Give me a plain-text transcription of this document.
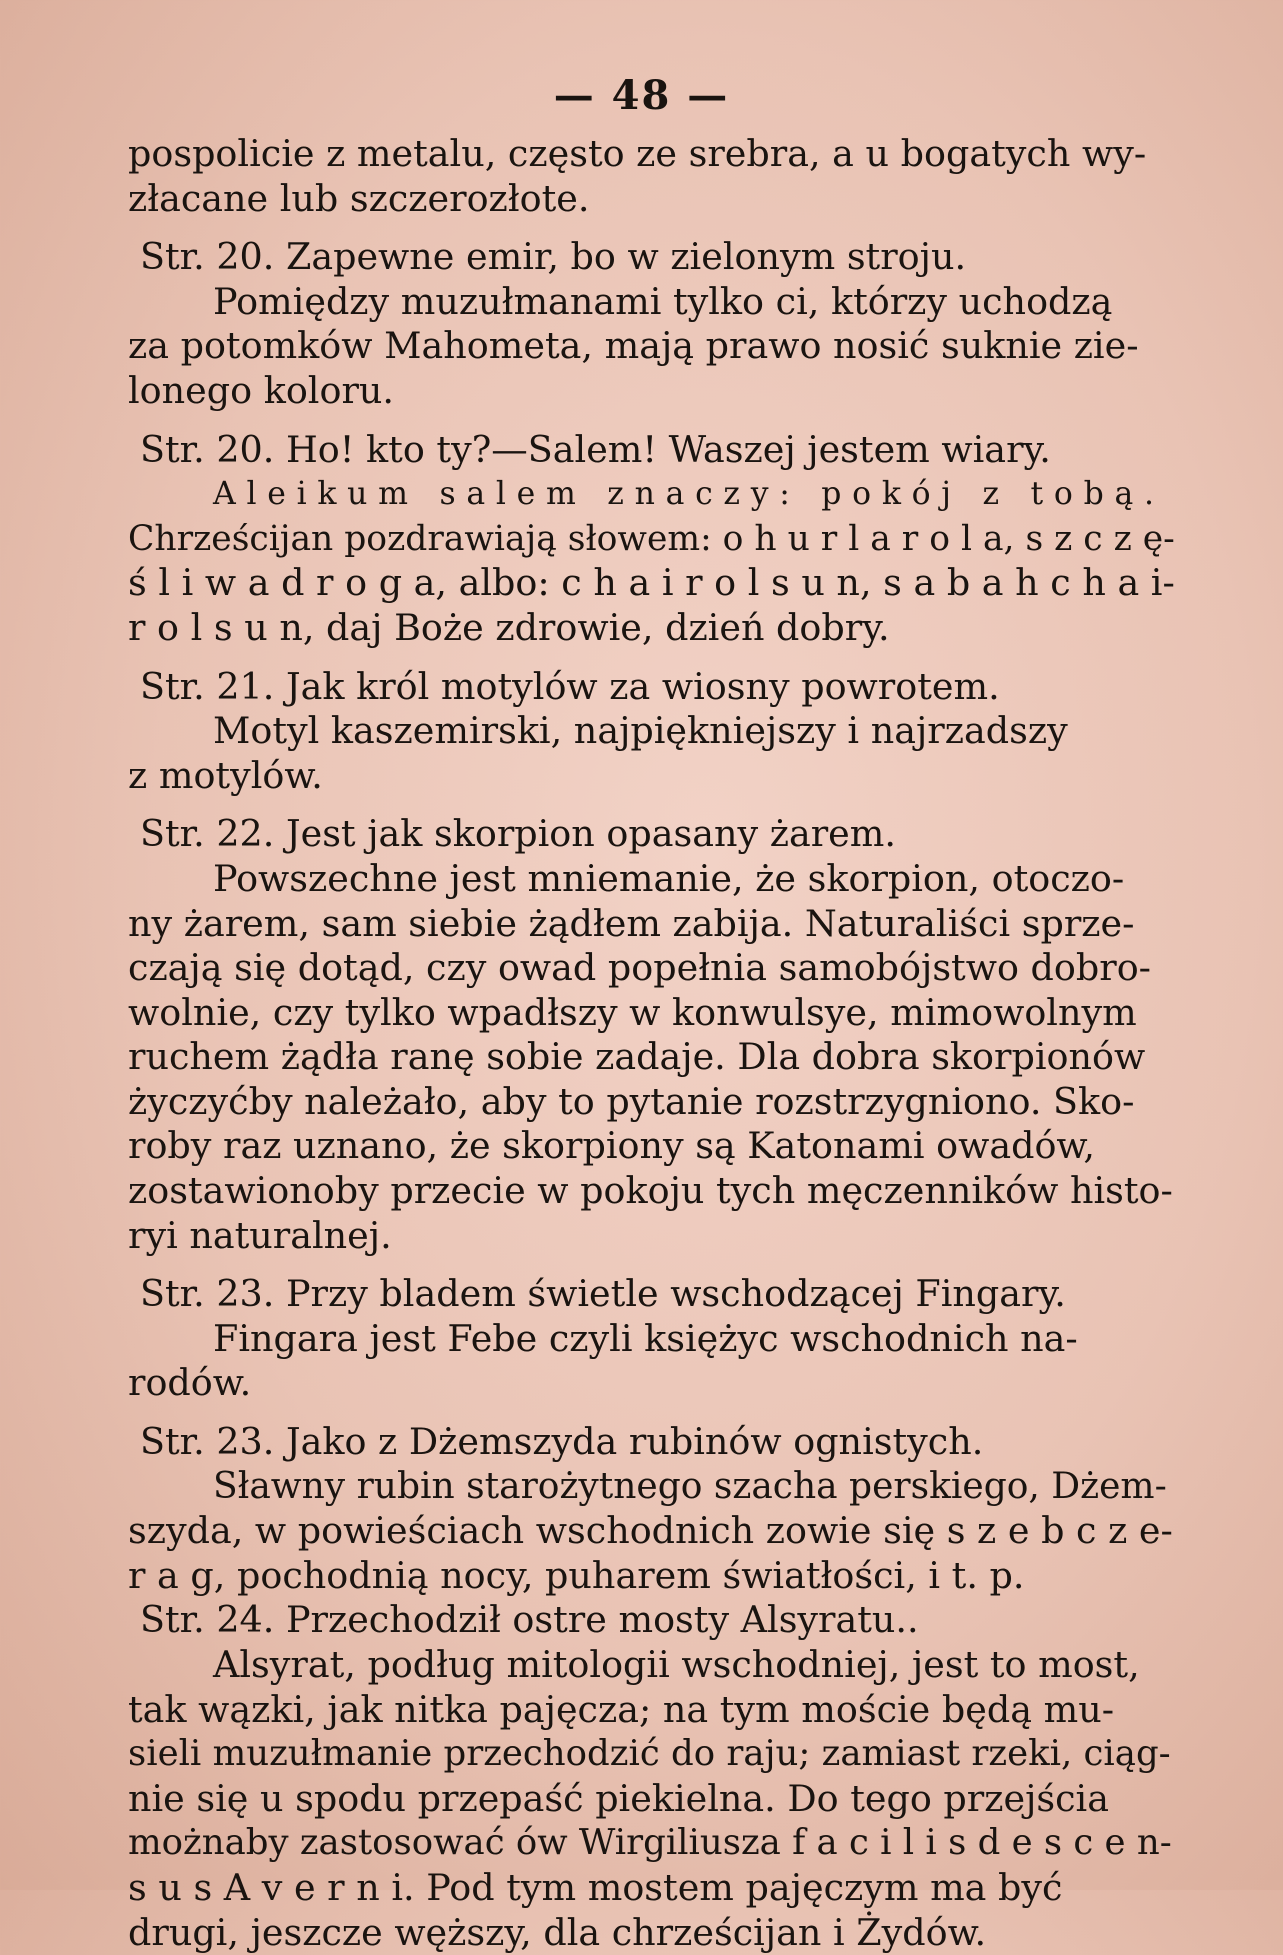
— 48 —

pospolicie z metalu, często ze srebra, a u bogatych wy-

złacane lub szczerozłote.

Str. 20. Zapewne emir, bo w zielonym stroju.

Pomiędzy muzułmanami tylko ci, którzy uchodzą

za potomków Mahometa, mają prawo nosić suknie zie-

lonego koloru.

Str. 20. Ho! kto ty?—Salem! Waszej jestem wiary.

Aleikum salem znaczy: pokój z tobą.

Chrześcijan pozdrawiają słowem: o h u r l a r o l a, s z c z ę-

ś l i w a d r o g a, albo: c h a i r o l s u n, s a b a h c h a i-

r o l s u n, daj Boże zdrowie, dzień dobry.

Str. 21. Jak król motylów za wiosny powrotem.

Motyl kaszemirski, najpiękniejszy i najrzadszy

z motylów.

Str. 22. Jest jak skorpion opasany żarem.

Powszechne jest mniemanie, że skorpion, otoczo-

ny żarem, sam siebie żądłem zabija. Naturaliści sprze-

czają się dotąd, czy owad popełnia samobójstwo dobro-

wolnie, czy tylko wpadłszy w konwulsye, mimowolnym

ruchem żądła ranę sobie zadaje. Dla dobra skorpionów

życzyćby należało, aby to pytanie rozstrzygniono. Sko-

roby raz uznano, że skorpiony są Katonami owadów,

zostawionoby przecie w pokoju tych męczenników histo-

ryi naturalnej.

Str. 23. Przy bladem świetle wschodzącej Fingary.

Fingara jest Febe czyli księżyc wschodnich na-

rodów.

Str. 23. Jako z Dżemszyda rubinów ognistych.

Sławny rubin starożytnego szacha perskiego, Dżem-

szyda, w powieściach wschodnich zowie się s z e b c z e-

r a g, pochodnią nocy, puharem światłości, i t. p.

Str. 24. Przechodził ostre mosty Alsyratu..

Alsyrat, podług mitologii wschodniej, jest to most,

tak wązki, jak nitka pajęcza; na tym moście będą mu-

sieli muzułmanie przechodzić do raju; zamiast rzeki, ciąg-

nie się u spodu przepaść piekielna. Do tego przejścia

możnaby zastosować ów Wirgiliusza f a c i l i s d e s c e n-

s u s A v e r n i. Pod tym mostem pajęczym ma być

drugi, jeszcze węższy, dla chrześcijan i Żydów.
